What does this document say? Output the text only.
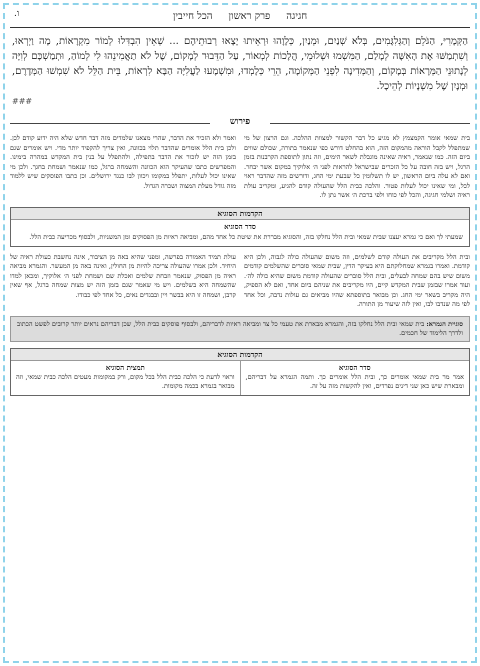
חגיגה
פרק ראשון
הכל חייבין
ו.
הַקְּמָרִיּ, הַגֹּלֵם וְהַגְּלִגָּמִים, בְּלֹא שְׁנַיִם, וּמְנַיִן, כְּלָוָהוּ וּרְאֵיתוּ יָצָאוּ רְבוּתֵיהֶם ... שְׁאֵין הִבְדִּלוּ לְמוֹר מִקְרָאוֹת, מָה וַיְרְאוּ, וְשִׁתְמַשּׁוּ אֶת הָאִשָּׁה לְמָלַם, הַמִּשְׁמוּ וּשְׁלוּמֵי, הֲלָכוֹת לְמְאוֹר, עַל הַדֵּבוּר לְמָקוֹם, שֶׁל לֹא תַאֲמִינֵהוּ לִי לְמוֹהַ, וּתְמַשְׁכָּם לְוִיָּה לְנָתוּנֵי הַמְּרָאוֹת בְּמָקוֹם, וְהַמְּדִינָה לִפְנֵי הַמְּקוֹמָה, הֵרֵי כְּלָמְדוּ, וּמִשְׁמָעוּ לַעֲלִיָּה הַבָּא לִרְאוֹת, בֵּית הַלֵּל לֹא שִׁמְשׁוּ הַמְּדֶרֶם, וּמְנָיִן שֶׁל מִשְׁנָיוֹת לְהֵיכָל.
###
פירוש
בית שמאי אומר הקמצמץ לא מגיע כל דבר הקשור למצוות ההלכה. וגם הרצון של מי שמתפלל לקבל הוראה מהמקום הזה, הוא בהחלט דורש כפי שנאמר בתורה, שכולם שווים ביום הזה. כמו שנאמר, ראיה שאינה מוגבלת לשאר הימים, וזה נתון לתוספת הקרבנות בזמן הרגל, ויש בזה חובה על כל הזכרים שבישראל להראות לפני ה׳ אלוקיך במקום אשר יבחר. ואם לא עלה ביום הראשון, יש לו תשלומין כל שבעת ימי החג, ודורשים מזה שהדבר ראוי לכל, ומי שאינו יכול לעלות פטור. והלכה כבית הלל שהעולה קודם להגיע, ומקריב עולת ראיה ושלמי חגיגה, והכל לפי כוחו ולפי ברכת ה׳ אשר נתן לו.
ואמר ולא הזכיר את הדבר, שהרי מצאנו שלמדים מזה דבר חדש שלא היה ידוע קודם לכן. ולכן בית הלל אומרים שהדבר תלוי בכוונה, ואין צריך להקפיד יותר מדי. ויש אומרים שגם בזמן הזה יש לזכור את הדבר בתפילה, ולהתפלל על בנין בית המקדש במהרה בימינו. והמפרשים כתבו שהעיקר הוא הכוונה והשמחה ברגל, כמו שנאמר ושמחת בחגך. ולכן מי שאינו יכול לעלות, יתפלל במקומו ויכוון לבו כנגד ירושלים. וכן כתבו הפוסקים שיש ללמוד מזה גודל מעלת המצוה ושכרה הגדול.
הקדמות הסוגיא
סדר הסוגיא
שמעתי לך ואם כי גמרא יעצנו שבית שמאי ובית הלל נחלקו בזה, והסוגיא מבררת את שיטת כל אחד מהם, ומביאה ראיות מן הפסוקים ומן המשניות, ולבסוף מכריעה כבית הלל.
ובית הלל מקריבים את העולה קודם לשלמים, וזה משום שהעולה כולה לגבוה, ולכן היא קודמת. ואמרו בגמרא שמחלוקתם היא בעיקר הדין, שבית שמאי סוברים שהשלמים קודמים משום שיש בהם שמחה לבעלים, ובית הלל סוברים שהעולה קודמת משום שהיא כולה לה׳. ועוד אמרו שבזמן שבית המקדש קיים, היו מקריבים את שניהם ביום אחד, ואם לא הספיק, היה מקריב בשאר ימי החג. וכן מבואר בתוספתא שהיו מביאים גם עולות נדבה, וכל אחד לפי מה שנדבו לבו, ואין לזה שיעור מן התורה.
עולת תמיד האמורה בפרשה, ומפני שהיא באה מן הציבור, אינה נחשבת כעולת ראיה של היחיד. ולכן אמרו שהעולה צריכה להיות מן החולין, ואינה באה מן המעשר. והגמרא מביאה ראיה מן הפסוק, שנאמר וזבחת שלמים ואכלת שם ושמחת לפני ה׳ אלוקיך, ומכאן למדו שהשמחה היא בשלמים. ויש מי שאמר שגם בזמן הזה יש מצות שמחה ברגל, אף שאין קרבן, ושמחה זו היא בבשר ויין ובבגדים נאים, כל אחד לפי כבודו.
סוגיית הגמרא: בית שמאי ובית הלל נחלקו בזה, והגמרא מבארת את טעמי כל צד ומביאה ראיות לדבריהם, ולבסוף פוסקים כבית הלל, שכן דבריהם נראים יותר קרובים לפשט הכתוב ולדרך הלימוד של חכמים.
הקדמות הסוגיא
סדר הסוגיא
אמר מר בית שמאי אומרים כך, ובית הלל אומרים כך. ותמה הגמרא על דבריהם, ומבארת שיש כאן שני דינים נפרדים, ואין להקשות מזה על זה.
תמצית הסוגיא
וראוי לדעת כי הלכה כבית הלל בכל מקום, ורק במקומות מעטים הלכה כבית שמאי, וזה מבואר בגמרא בכמה מקומות.
